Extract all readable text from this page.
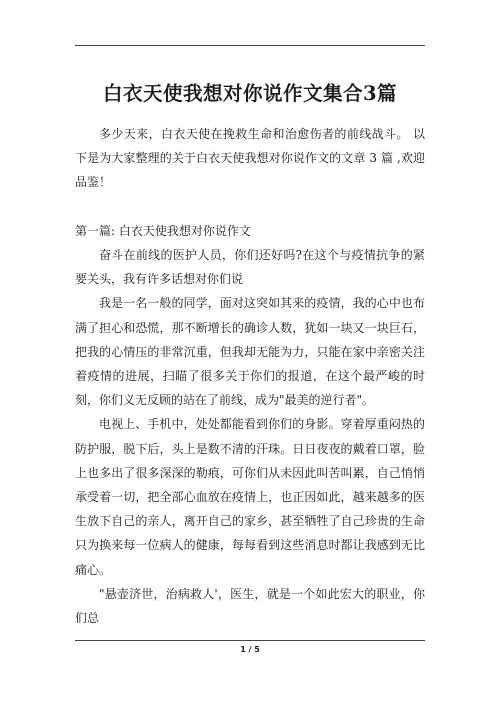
白衣天使我想对你说作文集合3篇

多少天来，白衣天使在挽救生命和治愈伤者的前线战斗。 以下是为大家整理的关于白衣天使我想对你说作文的文章 3 篇 ,欢迎品鉴！

第一篇: 白衣天使我想对你说作文

奋斗在前线的医护人员，你们还好吗?在这个与疫情抗争的紧要关头，我有许多话想对你们说

我是一名一般的同学，面对这突如其来的疫情，我的心中也布满了担心和恐慌，那不断增长的确诊人数，犹如一块又一块巨石，把我的心情压的非常沉重，但我却无能为力，只能在家中亲密关注着疫情的进展，扫瞄了很多关于你们的报道，在这个最严峻的时刻，你们义无反顾的站在了前线，成为"最美的逆行者"。

电视上、手机中，处处都能看到你们的身影。穿着厚重闷热的防护服，脱下后，头上是数不清的汗珠。日日夜夜的戴着口罩，脸上也多出了很多深深的勒痕，可你们从未因此叫苦叫累，自己悄悄承受着一切，把全部心血放在疫情上，也正因如此，越来越多的医生放下自己的亲人，离开自己的家乡，甚至牺牲了自己珍贵的生命只为换来每一位病人的健康，每每看到这些消息时都让我感到无比痛心。

"悬壶济世，治病救人'，医生，就是一个如此宏大的职业，你们总

1 / 5
